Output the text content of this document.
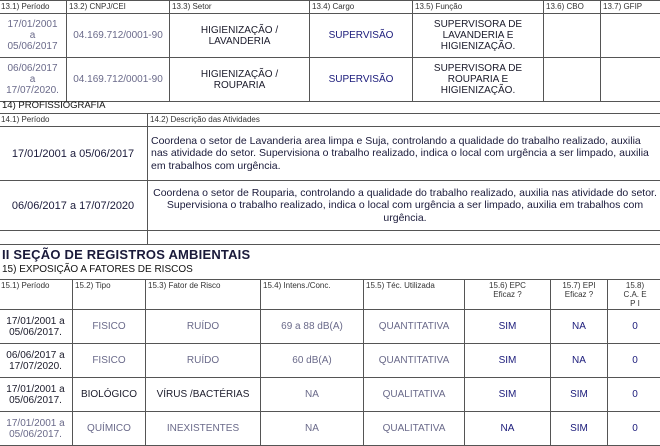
13.1) Período	13.2) CNPJ/CEI	13.3) Setor	13.4) Cargo	13.5) Função	13.6) CBO	13.7) GFIP
17/01/2001 a 05/06/2017	04.169.712/0001-90	HIGIENIZAÇÃO / LAVANDERIA	SUPERVISÃO	SUPERVISORA DE LAVANDERIA E HIGIENIZAÇÃO.		
06/06/2017 a 17/07/2020.	04.169.712/0001-90	HIGIENIZAÇÃO / ROUPARIA	SUPERVISÃO	SUPERVISORA DE ROUPARIA E HIGIENIZAÇÃO.		
14) PROFISSIOGRAFIA
14.1) Período	14.2) Descrição das Atividades
17/01/2001 a 05/06/2017	Coordena o setor de Lavanderia area limpa e Suja, controlando a qualidade do trabalho realizado, auxilia nas atividade do setor. Supervisiona o trabalho realizado, indica o local com urgência a ser limpado, auxilia em trabalhos com urgência.
06/06/2017 a 17/07/2020	Coordena o setor de Rouparia, controlando a qualidade do trabalho realizado, auxilia nas atividade do setor. Supervisiona o trabalho realizado, indica o local com urgência a ser limpado, auxilia em trabalhos com urgência.

II SEÇÃO DE REGISTROS AMBIENTAIS
15) EXPOSIÇÃO A FATORES DE RISCOS
15.1) Período	15.2) Tipo	15.3) Fator de Risco	15.4) Intens./Conc.	15.5) Téc. Utilizada	15.6) EPC Eficaz ?	15.7) EPI Eficaz ?	15.8) C.A. E P I
17/01/2001 a 05/06/2017.	FISICO	RUÍDO	69 a 88 dB(A)	QUANTITATIVA	SIM	NA	0
06/06/2017 a 17/07/2020.	FISICO	RUÍDO	60 dB(A)	QUANTITATIVA	SIM	NA	0
17/01/2001 a 05/06/2017.	BIOLÓGICO	VÍRUS /BACTÉRIAS	NA	QUALITATIVA	SIM	SIM	0
17/01/2001 a 05/06/2017.	QUÍMICO	INEXISTENTES	NA	QUALITATIVA	NA	SIM	0
